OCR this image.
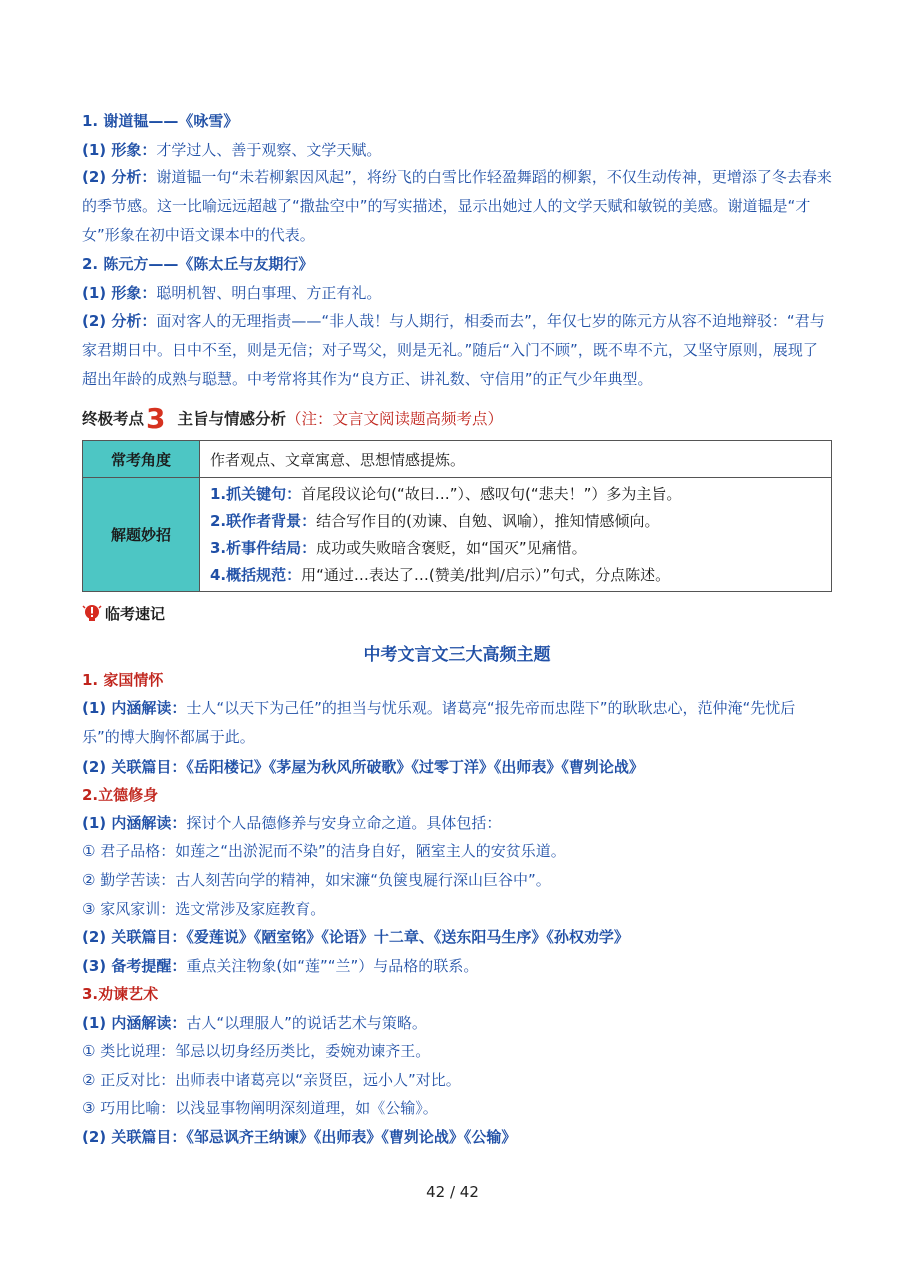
1. 谢道韫——《咏雪》
(1) 形象：才学过人、善于观察、文学天赋。
(2) 分析：谢道韫一句“未若柳絮因风起”，将纷飞的白雪比作轻盈舞蹈的柳絮，不仅生动传神，更增添了冬去春来的季节感。这一比喻远远超越了“撒盐空中”的写实描述，显示出她过人的文学天赋和敏锐的美感。谢道韫是“才女”形象在初中语文课本中的代表。
2. 陈元方——《陈太丘与友期行》
(1) 形象：聪明机智、明白事理、方正有礼。
(2) 分析：面对客人的无理指责——“非人哉！与人期行，相委而去”，年仅七岁的陈元方从容不迫地辩驳：“君与家君期日中。日中不至，则是无信；对子骂父，则是无礼。”随后“入门不顾”，既不卑不亢，又坚守原则，展现了超出年龄的成熟与聪慧。中考常将其作为“良方正、讲礼数、守信用”的正气少年典型。
终极考点3 主旨与情感分析（注：文言文阅读题高频考点）
常考角度	作者观点、文章寓意、思想情感提炼。
解题妙招	1.抓关键句：首尾段议论句(“故曰…”）、感叹句(“悲夫！”）多为主旨。
2.联作者背景：结合写作目的(劝谏、自勉、讽喻），推知情感倾向。
3.析事件结局：成功或失败暗含褒贬，如“国灭”见痛惜。
4.概括规范：用“通过…表达了…(赞美/批判/启示）”句式，分点陈述。
临考速记
中考文言文三大高频主题
1. 家国情怀
(1) 内涵解读：士人“以天下为己任”的担当与忧乐观。诸葛亮“报先帝而忠陛下”的耿耿忠心，范仲淹“先忧后乐”的博大胸怀都属于此。
(2) 关联篇目：《岳阳楼记》《茅屋为秋风所破歌》《过零丁洋》《出师表》《曹刿论战》
2.立德修身
(1) 内涵解读：探讨个人品德修养与安身立命之道。具体包括：
① 君子品格：如莲之“出淤泥而不染”的洁身自好，陋室主人的安贫乐道。
② 勤学苦读：古人刻苦向学的精神，如宋濂“负箧曳屣行深山巨谷中”。
③ 家风家训：选文常涉及家庭教育。
(2) 关联篇目：《爱莲说》《陋室铭》《论语》十二章、《送东阳马生序》《孙权劝学》
(3) 备考提醒：重点关注物象(如“莲”“兰”）与品格的联系。
3.劝谏艺术
(1) 内涵解读：古人“以理服人”的说话艺术与策略。
① 类比说理：邹忌以切身经历类比，委婉劝谏齐王。
② 正反对比：出师表中诸葛亮以“亲贤臣，远小人”对比。
③ 巧用比喻：以浅显事物阐明深刻道理，如《公输》。
(2) 关联篇目：《邹忌讽齐王纳谏》《出师表》《曹刿论战》《公输》
42 / 42
